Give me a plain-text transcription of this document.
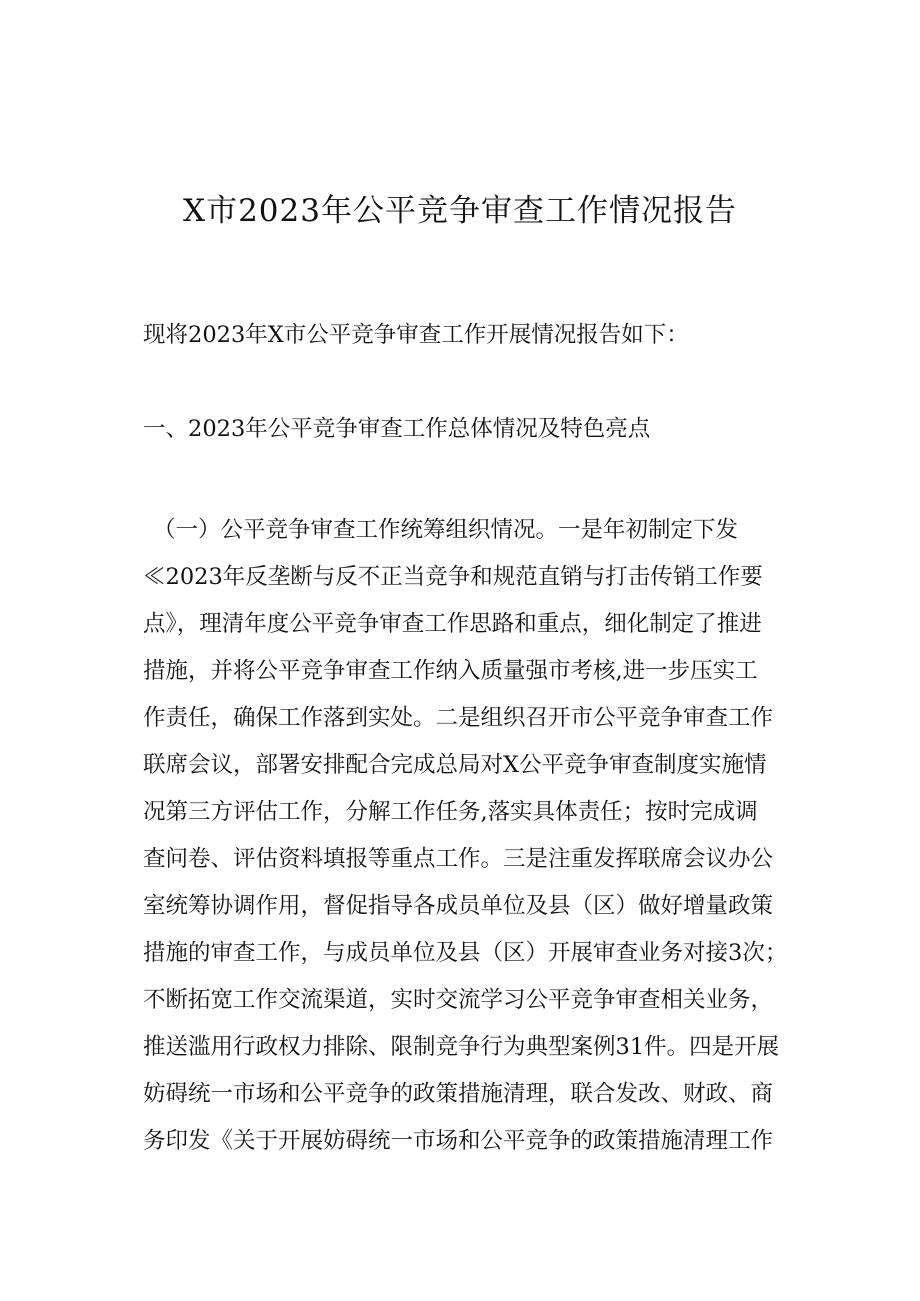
X市2023年公平竞争审查工作情况报告
现将2023年X市公平竞争审查工作开展情况报告如下：
一、2023年公平竞争审查工作总体情况及特色亮点
（一）公平竞争审查工作统筹组织情况。一是年初制定下发
≪2023年反垄断与反不正当竞争和规范直销与打击传销工作要
点》，理清年度公平竞争审查工作思路和重点，细化制定了推进
措施，并将公平竞争审查工作纳入质量强市考核,进一步压实工
作责任，确保工作落到实处。二是组织召开市公平竞争审查工作
联席会议，部署安排配合完成总局对X公平竞争审查制度实施情
况第三方评估工作，分解工作任务,落实具体责任；按时完成调
查问卷、评估资料填报等重点工作。三是注重发挥联席会议办公
室统筹协调作用，督促指导各成员单位及县（区）做好增量政策
措施的审查工作，与成员单位及县（区）开展审查业务对接3次；
不断拓宽工作交流渠道，实时交流学习公平竞争审查相关业务，
推送滥用行政权力排除、限制竞争行为典型案例31件。四是开展
妨碍统一市场和公平竞争的政策措施清理，联合发改、财政、商
务印发《关于开展妨碍统一市场和公平竞争的政策措施清理工作
